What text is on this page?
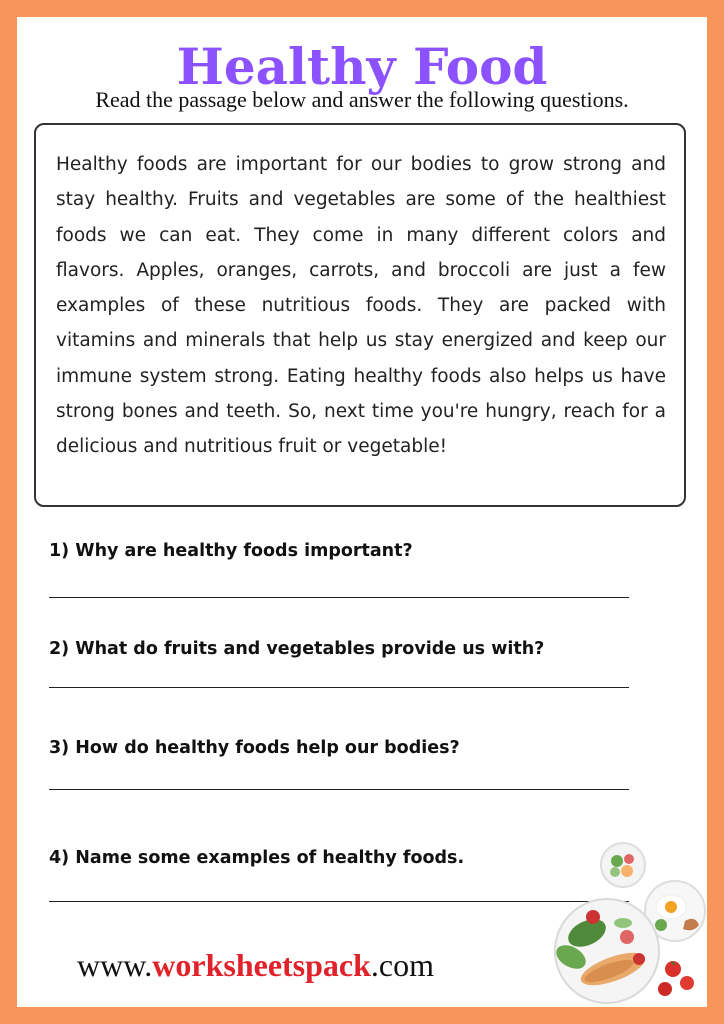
Healthy Food
Read the passage below and answer the following questions.

Healthy foods are important for our bodies to grow strong and stay healthy. Fruits and vegetables are some of the healthiest foods we can eat. They come in many different colors and flavors. Apples, oranges, carrots, and broccoli are just a few examples of these nutritious foods. They are packed with vitamins and minerals that help us stay energized and keep our immune system strong. Eating healthy foods also helps us have strong bones and teeth. So, next time you're hungry, reach for a delicious and nutritious fruit or vegetable!

1) Why are healthy foods important?
2) What do fruits and vegetables provide us with?
3) How do healthy foods help our bodies?
4) Name some examples of healthy foods.
www.worksheetspack.com
